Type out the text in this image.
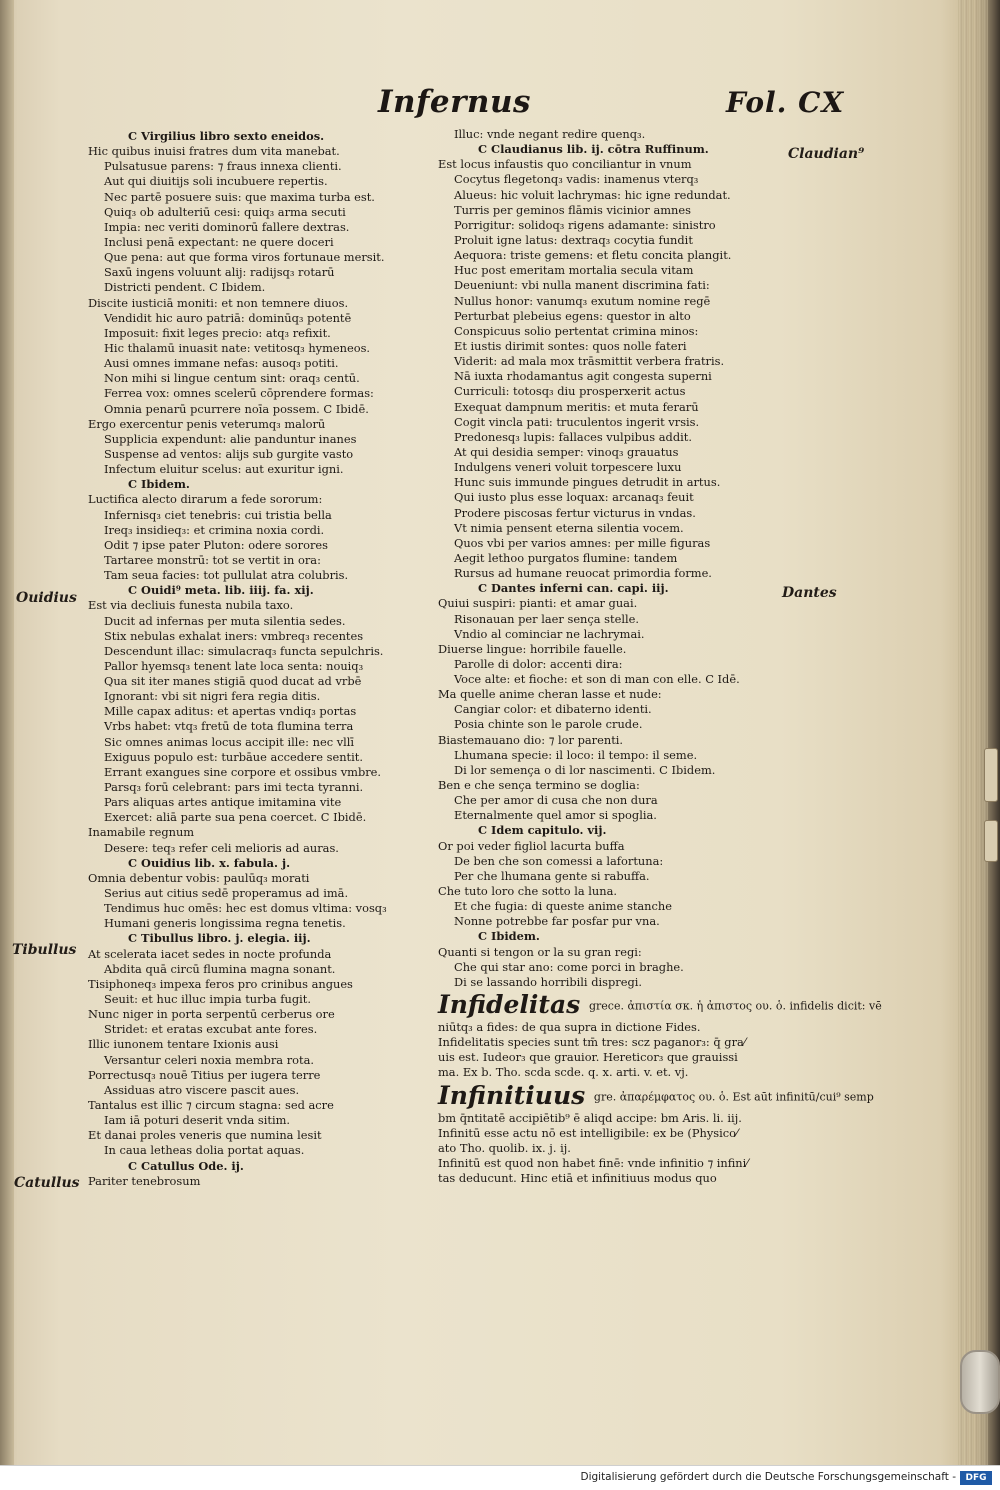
Infernus	Fol. CX
Claudian⁹
Dantes
Ouidius
Tibullus
Catullus
C Virgilius libro sexto eneidos.
Hic quibus inuisi fratres dum vita manebat.
Pulsatusue parens: ⁊ fraus innexa clienti.
Aut qui diuitijs soli incubuere repertis.
Nec partē posuere suis: que maxima turba est.
Quiq₃ ob adulteriū cesi: quiq₃ arma secuti
Impia: nec veriti dominorū fallere dextras.
Inclusi penā expectant: ne quere doceri
Que pena: aut que forma viros fortunaue mersit.
Saxū ingens voluunt alij: radijsq₃ rotarū
Districti pendent. C Ibidem.
Discite iusticiā moniti: et non temnere diuos.
Vendidit hic auro patriā: dominūq₃ potentē
Imposuit: fixit leges precio: atq₃ refixit.
Hic thalamū inuasit nate: vetitosq₃ hymeneos.
Ausi omnes immane nefas: ausoq₃ potiti.
Non mihi si lingue centum sint: oraq₃ centū.
Ferrea vox: omnes scelerū cōprendere formas:
Omnia penarū pcurrere noīa possem. C Ibidē.
Ergo exercentur penis veterumq₃ malorū
Supplicia expendunt: alie panduntur inanes
Suspense ad ventos: alijs sub gurgite vasto
Infectum eluitur scelus: aut exuritur igni.
C Ibidem.
Luctifica alecto dirarum a fede sororum:
Infernisq₃ ciet tenebris: cui tristia bella
Ireq₃ insidieq₃: et crimina noxia cordi.
Odit ⁊ ipse pater Pluton: odere sorores
Tartaree monstrū: tot se vertit in ora:
Tam seua facies: tot pullulat atra colubris.
C Ouidi⁹ meta. lib. iiij. fa. xij.
Est via decliuis funesta nubila taxo.
Ducit ad infernas per muta silentia sedes.
Stix nebulas exhalat iners: vmbreq₃ recentes
Descendunt illac: simulacraq₃ functa sepulchris.
Pallor hyemsq₃ tenent late loca senta: nouiq₃
Qua sit iter manes stigiā quod ducat ad vrbē
Ignorant: vbi sit nigri fera regia ditis.
Mille capax aditus: et apertas vndiq₃ portas
Vrbs habet: vtq₃ fretū de tota flumina terra
Sic omnes animas locus accipit ille: nec vllī
Exiguus populo est: turbāue accedere sentit.
Errant exangues sine corpore et ossibus vmbre.
Parsq₃ forū celebrant: pars imi tecta tyranni.
Pars aliquas artes antique imitamina vite
Exercet: aliā parte sua pena coercet. C Ibidē.
Inamabile regnum
Desere: teq₃ refer celi melioris ad auras.
C Ouidius lib. x. fabula. j.
Omnia debentur vobis: paulūq₃ morati
Serius aut citius sedē properamus ad imā.
Tendimus huc omēs: hec est domus vltima: vosq₃
Humani generis longissima regna tenetis.
C Tibullus libro. j. elegia. iij.
At scelerata iacet sedes in nocte profunda
Abdita quā circū flumina magna sonant.
Tisiphoneq₃ impexa feros pro crinibus angues
Seuit: et huc illuc impia turba fugit.
Nunc niger in porta serpentū cerberus ore
Stridet: et eratas excubat ante fores.
Illic iunonem tentare Ixionis ausi
Versantur celeri noxia membra rota.
Porrectusq₃ nouē Titius per iugera terre
Assiduas atro viscere pascit aues.
Tantalus est illic ⁊ circum stagna: sed acre
Iam iā poturi deserit vnda sitim.
Et danai proles veneris que numina lesit
In caua letheas dolia portat aquas.
C Catullus Ode. ij.
Pariter tenebrosum
Illuc: vnde negant redire quenq₃.
C Claudianus lib. ij. cōtra Ruffinum.
Est locus infaustis quo conciliantur in vnum
Cocytus flegetonq₃ vadis: inamenus vterq₃
Alueus: hic voluit lachrymas: hic igne redundat.
Turris per geminos flāmis vicinior amnes
Porrigitur: solidoq₃ rigens adamante: sinistro
Proluit igne latus: dextraq₃ cocytia fundit
Aequora: triste gemens: et fletu concita plangit.
Huc post emeritam mortalia secula vitam
Deueniunt: vbi nulla manent discrimina fati:
Nullus honor: vanumq₃ exutum nomine regē
Perturbat plebeius egens: questor in alto
Conspicuus solio pertentat crimina minos:
Et iustis dirimit sontes: quos nolle fateri
Viderit: ad mala mox trāsmittit verbera fratris.
Nā iuxta rhodamantus agit congesta superni
Curriculi: totosq₃ diu prosperxerit actus
Exequat dampnum meritis: et muta ferarū
Cogit vincla pati: truculentos ingerit vrsis.
Predonesq₃ lupis: fallaces vulpibus addit.
At qui desidia semper: vinoq₃ grauatus
Indulgens veneri voluit torpescere luxu
Hunc suis immunde pingues detrudit in artus.
Qui iusto plus esse loquax: arcanaq₃ feuit
Prodere piscosas fertur victurus in vndas.
Vt nimia pensent eterna silentia vocem.
Quos vbi per varios amnes: per mille figuras
Aegit lethoo purgatos flumine: tandem
Rursus ad humane reuocat primordia forme.
C Dantes inferni can. capi. iij.
Quiui suspiri: pianti: et amar guai.
Risonauan per laer sença stelle.
Vndio al cominciar ne lachrymai.
Diuerse lingue: horribile fauelle.
Parolle di dolor: accenti dira:
Voce alte: et fioche: et son di man con elle. C Idē.
Ma quelle anime cheran lasse et nude:
Cangiar color: et dibaterno identi.
Posia chinte son le parole crude.
Biastemauano dio: ⁊ lor parenti.
Lhumana specie: il loco: il tempo: il seme.
Di lor semença o di lor nascimenti. C Ibidem.
Ben e che sença termino se doglia:
Che per amor di cusa che non dura
Eternalmente quel amor si spoglia.
C Idem capitulo. vij.
Or poi veder figliol lacurta buffa
De ben che son comessi a lafortuna:
Per che lhumana gente si rabuffa.
Che tuto loro che sotto la luna.
Et che fugia: di queste anime stanche
Nonne potrebbe far posfar pur vna.
C Ibidem.
Quanti si tengon or la su gran regi:
Che qui star ano: come porci in braghe.
Di se lassando horribili dispregi.
Infidelitas grece. ἀπιστία σκ. ἡ ἀπιστος ου. ὁ. infidelis dicit: vē
niūtq₃ a fides: de qua supra in dictione Fides.
Infidelitatis species sunt tm̄ tres: scz paganor₃: q̄ gra⁄
uis est. Iudeor₃ que grauior. Hereticor₃ que grauissi
ma. Ex b. Tho. scda scde. q. x. arti. v. et. vj.
Infinitiuus gre. ἀπαρέμφατος ου. ὁ. Est aūt infinitū/cui⁹ semp
bm q̄ntitatē accipiētib⁹ ē aliqd accipe: bm Aris. li. iij.
Infinitū esse actu nō est intelligibile: ex be (Physico⁄
ato Tho. quolib. ix. j. ij.
Infinitū est quod non habet finē: vnde infinitio ⁊ infini⁄
tas deducunt. Hinc etiā et infinitiuus modus quo
Digitalisierung gefördert durch die Deutsche Forschungsgemeinschaft -	DFG
